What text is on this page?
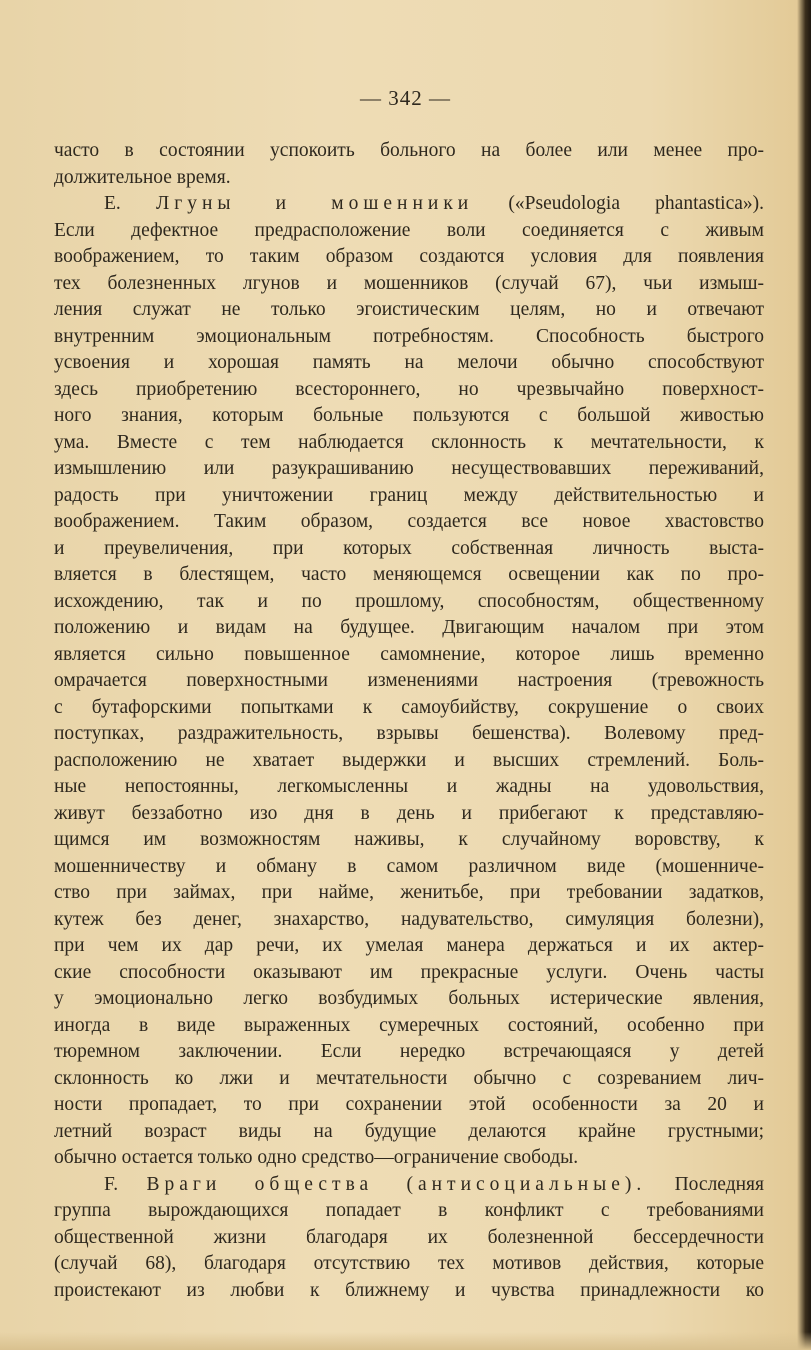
— 342 —
часто в состоянии успокоить больного на более или менее про-
должительное время.
E. Лгуны и мошенники («Pseudologia phantastica»).
Если дефектное предрасположение воли соединяется с живым
воображением, то таким образом создаются условия для появления
тех болезненных лгунов и мошенников (случай 67), чьи измыш-
ления служат не только эгоистическим целям, но и отвечают
внутренним эмоциональным потребностям. Способность быстрого
усвоения и хорошая память на мелочи обычно способствуют
здесь приобретению всестороннего, но чрезвычайно поверхност-
ного знания, которым больные пользуются с большой живостью
ума. Вместе с тем наблюдается склонность к мечтательности, к
измышлению или разукрашиванию несуществовавших переживаний,
радость при уничтожении границ между действительностью и
воображением. Таким образом, создается все новое хвастовство
и преувеличения, при которых собственная личность выста-
вляется в блестящем, часто меняющемся освещении как по про-
исхождению, так и по прошлому, способностям, общественному
положению и видам на будущее. Двигающим началом при этом
является сильно повышенное самомнение, которое лишь временно
омрачается поверхностными изменениями настроения (тревожность
с бутафорскими попытками к самоубийству, сокрушение о своих
поступках, раздражительность, взрывы бешенства). Волевому пред-
расположению не хватает выдержки и высших стремлений. Боль-
ные непостоянны, легкомысленны и жадны на удовольствия,
живут беззаботно изо дня в день и прибегают к представляю-
щимся им возможностям наживы, к случайному воровству, к
мошенничеству и обману в самом различном виде (мошенниче-
ство при займах, при найме, женитьбе, при требовании задатков,
кутеж без денег, знахарство, надувательство, симуляция болезни),
при чем их дар речи, их умелая манера держаться и их актер-
ские способности оказывают им прекрасные услуги. Очень часты
у эмоционально легко возбудимых больных истерические явления,
иногда в виде выраженных сумеречных состояний, особенно при
тюремном заключении. Если нередко встречающаяся у детей
склонность ко лжи и мечтательности обычно с созреванием лич-
ности пропадает, то при сохранении этой особенности за 20 и
летний возраст виды на будущие делаются крайне грустными;
обычно остается только одно средство—ограничение свободы.
F. Враги общества (антисоциальные). Последняя
группа вырождающихся попадает в конфликт с требованиями
общественной жизни благодаря их болезненной бессердечности
(случай 68), благодаря отсутствию тех мотивов действия, которые
проистекают из любви к ближнему и чувства принадлежности ко
